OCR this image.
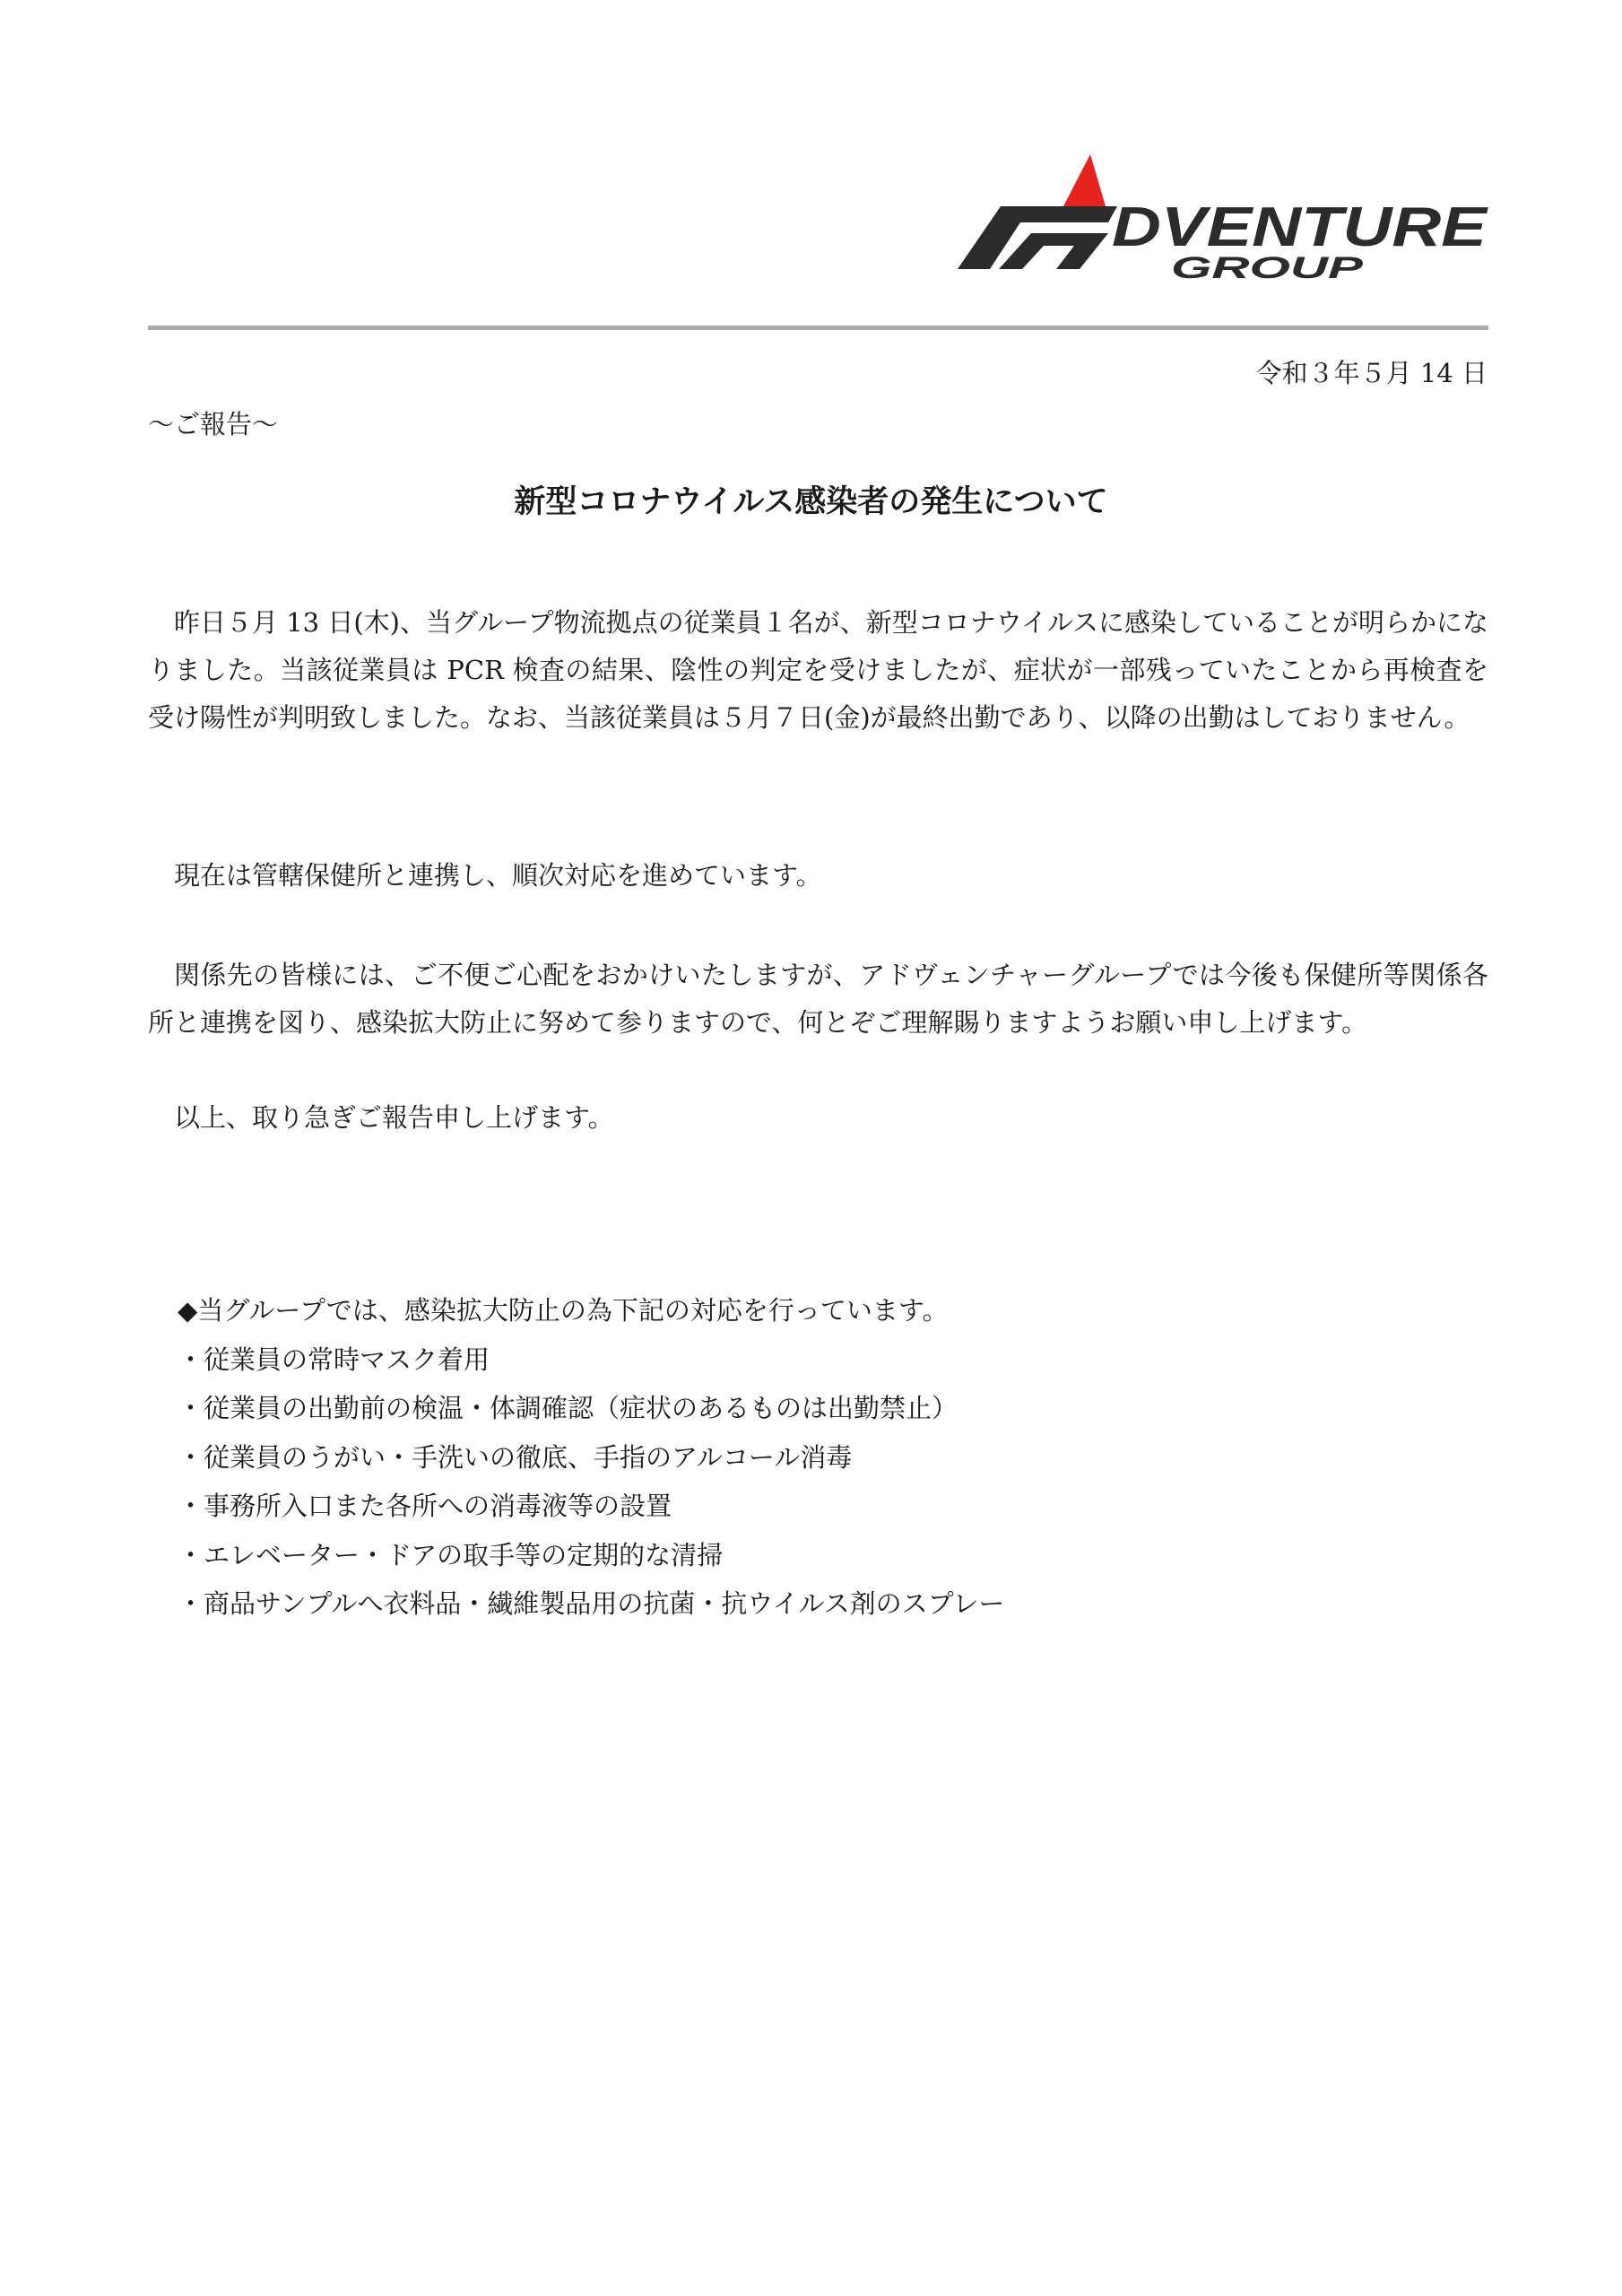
DVENTURE
GROUP
令和３年５月 14 日
～ご報告～
新型コロナウイルス感染者の発生について

昨日５月 13 日(木)、当グループ物流拠点の従業員１名が、新型コロナウイルスに感染していることが明らかになりました。当該従業員は PCR 検査の結果、陰性の判定を受けましたが、症状が一部残っていたことから再検査を受け陽性が判明致しました。なお、当該従業員は５月７日(金)が最終出勤であり、以降の出勤はしておりません。

現在は管轄保健所と連携し、順次対応を進めています。

関係先の皆様には、ご不便ご心配をおかけいたしますが、アドヴェンチャーグループでは今後も保健所等関係各所と連携を図り、感染拡大防止に努めて参りますので、何とぞご理解賜りますようお願い申し上げます。

以上、取り急ぎご報告申し上げます。

◆当グループでは、感染拡大防止の為下記の対応を行っています。
・従業員の常時マスク着用
・従業員の出勤前の検温・体調確認（症状のあるものは出勤禁止）
・従業員のうがい・手洗いの徹底、手指のアルコール消毒
・事務所入口また各所への消毒液等の設置
・エレベーター・ドアの取手等の定期的な清掃
・商品サンプルへ衣料品・繊維製品用の抗菌・抗ウイルス剤のスプレー
